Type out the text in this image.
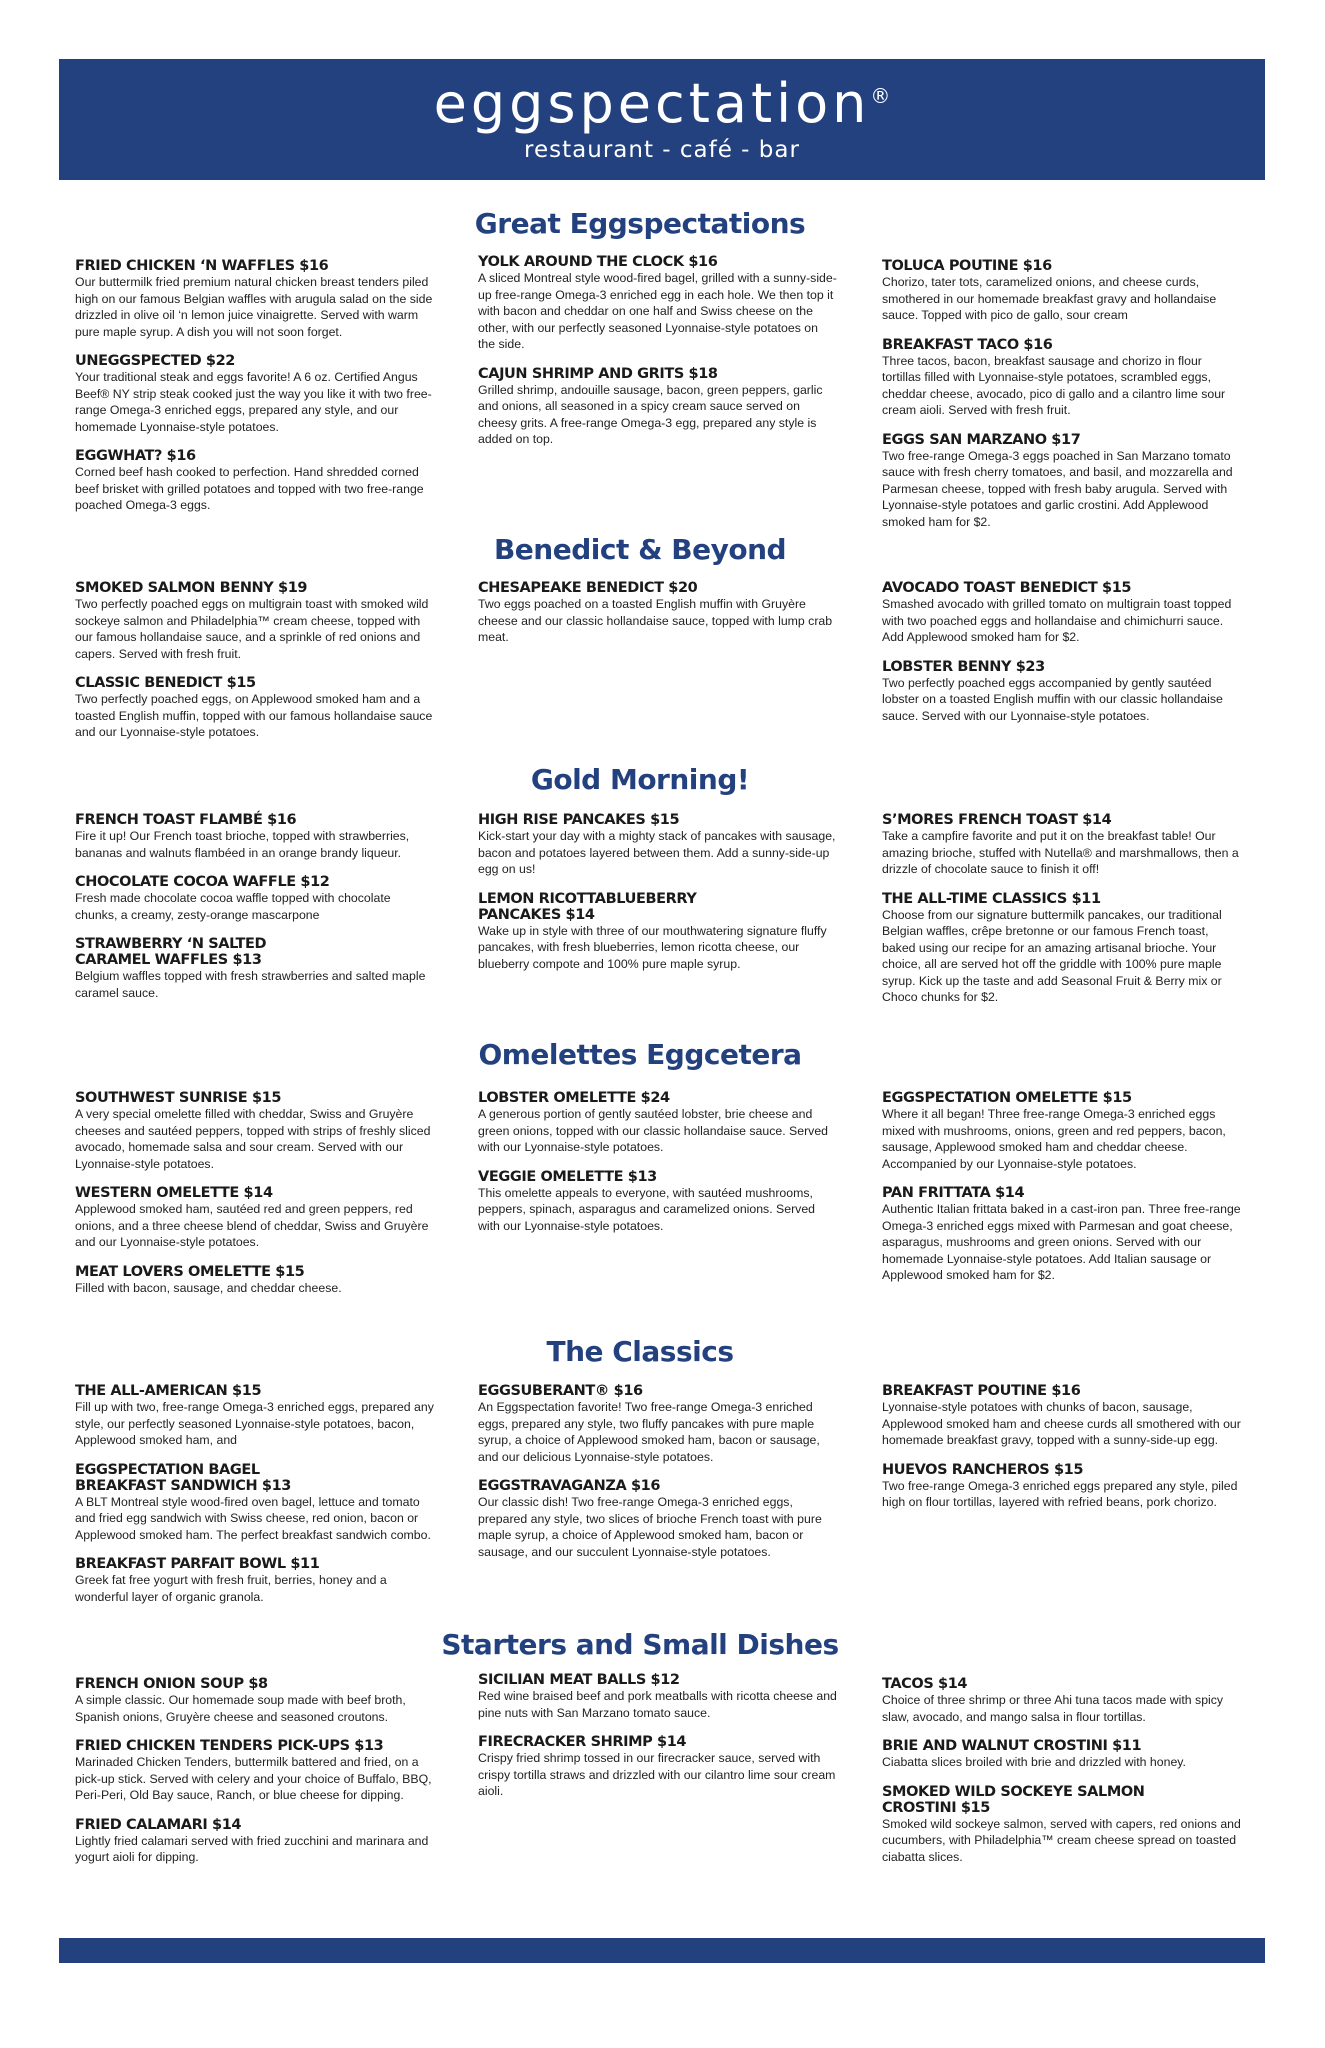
eggspectation®
restaurant - café - bar
Great Eggspectations

FRIED CHICKEN ‘N WAFFLES $16

Our buttermilk fried premium natural chicken breast tenders piled high on our famous Belgian waffles with arugula salad on the side drizzled in olive oil ‘n lemon juice vinaigrette. Served with warm pure maple syrup. A dish you will not soon forget.

UNEGGSPECTED $22

Your traditional steak and eggs favorite! A 6 oz. Certified Angus Beef® NY strip steak cooked just the way you like it with two free- range Omega-3 enriched eggs, prepared any style, and our homemade Lyonnaise-style potatoes.

EGGWHAT? $16

Corned beef hash cooked to perfection. Hand shredded corned beef brisket with grilled potatoes and topped with two free-range poached Omega-3 eggs.

YOLK AROUND THE CLOCK $16

A sliced Montreal style wood-fired bagel, grilled with a sunny-side-up free-range Omega-3 enriched egg in each hole. We then top it with bacon and cheddar on one half and Swiss cheese on the other, with our perfectly seasoned Lyonnaise-style potatoes on the side.

CAJUN SHRIMP AND GRITS $18

Grilled shrimp, andouille sausage, bacon, green peppers, garlic and onions, all seasoned in a spicy cream sauce served on cheesy grits. A free-range Omega-3 egg, prepared any style is added on top.

TOLUCA POUTINE $16

Chorizo, tater tots, caramelized onions, and cheese curds, smothered in our homemade breakfast gravy and hollandaise sauce. Topped with pico de gallo, sour cream

BREAKFAST TACO $16

Three tacos, bacon, breakfast sausage and chorizo in flour tortillas filled with Lyonnaise-style potatoes, scrambled eggs, cheddar cheese, avocado, pico di gallo and a cilantro lime sour cream aioli. Served with fresh fruit.

EGGS SAN MARZANO $17

Two free-range Omega-3 eggs poached in San Marzano tomato sauce with fresh cherry tomatoes, and basil, and mozzarella and Parmesan cheese, topped with fresh baby arugula. Served with Lyonnaise-style potatoes and garlic crostini. Add Applewood smoked ham for $2.

Benedict & Beyond

SMOKED SALMON BENNY $19

Two perfectly poached eggs on multigrain toast with smoked wild sockeye salmon and Philadelphia™ cream cheese, topped with our famous hollandaise sauce, and a sprinkle of red onions and capers. Served with fresh fruit.

CLASSIC BENEDICT $15

Two perfectly poached eggs, on Applewood smoked ham and a toasted English muffin, topped with our famous hollandaise sauce and our Lyonnaise-style potatoes.

CHESAPEAKE BENEDICT $20

Two eggs poached on a toasted English muffin with Gruyère cheese and our classic hollandaise sauce, topped with lump crab meat.

AVOCADO TOAST BENEDICT $15

Smashed avocado with grilled tomato on multigrain toast topped with two poached eggs and hollandaise and chimichurri sauce. Add Applewood smoked ham for $2.

LOBSTER BENNY $23

Two perfectly poached eggs accompanied by gently sautéed lobster on a toasted English muffin with our classic hollandaise sauce. Served with our Lyonnaise-style potatoes.

Gold Morning!

FRENCH TOAST FLAMBÉ $16

Fire it up! Our French toast brioche, topped with strawberries, bananas and walnuts flambéed in an orange brandy liqueur.

CHOCOLATE COCOA WAFFLE $12

Fresh made chocolate cocoa waffle topped with chocolate chunks, a creamy, zesty-orange mascarpone

STRAWBERRY ‘N SALTED CARAMEL WAFFLES $13

Belgium waffles topped with fresh strawberries and salted maple caramel sauce.

HIGH RISE PANCAKES $15

Kick-start your day with a mighty stack of pancakes with sausage, bacon and potatoes layered between them. Add a sunny-side-up egg on us!

LEMON RICOTTABLUEBERRY PANCAKES $14

Wake up in style with three of our mouthwatering signature fluffy pancakes, with fresh blueberries, lemon ricotta cheese, our blueberry compote and 100% pure maple syrup.

S’MORES FRENCH TOAST $14

Take a campfire favorite and put it on the breakfast table! Our amazing brioche, stuffed with Nutella® and marshmallows, then a drizzle of chocolate sauce to finish it off!

THE ALL-TIME CLASSICS $11

Choose from our signature buttermilk pancakes, our traditional Belgian waffles, crêpe bretonne or our famous French toast, baked using our recipe for an amazing artisanal brioche. Your choice, all are served hot off the griddle with 100% pure maple syrup. Kick up the taste and add Seasonal Fruit & Berry mix or Choco chunks for $2.

Omelettes Eggcetera

SOUTHWEST SUNRISE $15

A very special omelette filled with cheddar, Swiss and Gruyère cheeses and sautéed peppers, topped with strips of freshly sliced avocado, homemade salsa and sour cream. Served with our Lyonnaise-style potatoes.

WESTERN OMELETTE $14

Applewood smoked ham, sautéed red and green peppers, red onions, and a three cheese blend of cheddar, Swiss and Gruyère and our Lyonnaise-style potatoes.

MEAT LOVERS OMELETTE $15

Filled with bacon, sausage, and cheddar cheese.

LOBSTER OMELETTE $24

A generous portion of gently sautéed lobster, brie cheese and green onions, topped with our classic hollandaise sauce. Served with our Lyonnaise-style potatoes.

VEGGIE OMELETTE $13

This omelette appeals to everyone, with sautéed mushrooms, peppers, spinach, asparagus and caramelized onions. Served with our Lyonnaise-style potatoes.

EGGSPECTATION OMELETTE $15

Where it all began! Three free-range Omega-3 enriched eggs mixed with mushrooms, onions, green and red peppers, bacon, sausage, Applewood smoked ham and cheddar cheese. Accompanied by our Lyonnaise-style potatoes.

PAN FRITTATA $14

Authentic Italian frittata baked in a cast-iron pan. Three free-range Omega-3 enriched eggs mixed with Parmesan and goat cheese, asparagus, mushrooms and green onions. Served with our homemade Lyonnaise-style potatoes. Add Italian sausage or Applewood smoked ham for $2.

The Classics

THE ALL-AMERICAN $15

Fill up with two, free-range Omega-3 enriched eggs, prepared any style, our perfectly seasoned Lyonnaise-style potatoes, bacon, Applewood smoked ham, and

EGGSPECTATION BAGEL BREAKFAST SANDWICH $13

A BLT Montreal style wood-fired oven bagel, lettuce and tomato and fried egg sandwich with Swiss cheese, red onion, bacon or Applewood smoked ham. The perfect breakfast sandwich combo.

BREAKFAST PARFAIT BOWL $11

Greek fat free yogurt with fresh fruit, berries, honey and a wonderful layer of organic granola.

EGGSUBERANT® $16

An Eggspectation favorite! Two free-range Omega-3 enriched eggs, prepared any style, two fluffy pancakes with pure maple syrup, a choice of Applewood smoked ham, bacon or sausage, and our delicious Lyonnaise-style potatoes.

EGGSTRAVAGANZA $16

Our classic dish! Two free-range Omega-3 enriched eggs, prepared any style, two slices of brioche French toast with pure maple syrup, a choice of Applewood smoked ham, bacon or sausage, and our succulent Lyonnaise-style potatoes.

BREAKFAST POUTINE $16

Lyonnaise-style potatoes with chunks of bacon, sausage, Applewood smoked ham and cheese curds all smothered with our homemade breakfast gravy, topped with a sunny-side-up egg.

HUEVOS RANCHEROS $15

Two free-range Omega-3 enriched eggs prepared any style, piled high on flour tortillas, layered with refried beans, pork chorizo.

Starters and Small Dishes

FRENCH ONION SOUP $8

A simple classic. Our homemade soup made with beef broth, Spanish onions, Gruyère cheese and seasoned croutons.

FRIED CHICKEN TENDERS PICK-UPS $13

Marinaded Chicken Tenders, buttermilk battered and fried, on a pick-up stick. Served with celery and your choice of Buffalo, BBQ, Peri-Peri, Old Bay sauce, Ranch, or blue cheese for dipping.

FRIED CALAMARI $14

Lightly fried calamari served with fried zucchini and marinara and yogurt aioli for dipping.

SICILIAN MEAT BALLS $12

Red wine braised beef and pork meatballs with ricotta cheese and pine nuts with San Marzano tomato sauce.

FIRECRACKER SHRIMP $14

Crispy fried shrimp tossed in our firecracker sauce, served with crispy tortilla straws and drizzled with our cilantro lime sour cream aioli.

TACOS $14

Choice of three shrimp or three Ahi tuna tacos made with spicy slaw, avocado, and mango salsa in flour tortillas.

BRIE AND WALNUT CROSTINI $11

Ciabatta slices broiled with brie and drizzled with honey.

SMOKED WILD SOCKEYE SALMON CROSTINI $15

Smoked wild sockeye salmon, served with capers, red onions and cucumbers, with Philadelphia™ cream cheese spread on toasted ciabatta slices.
